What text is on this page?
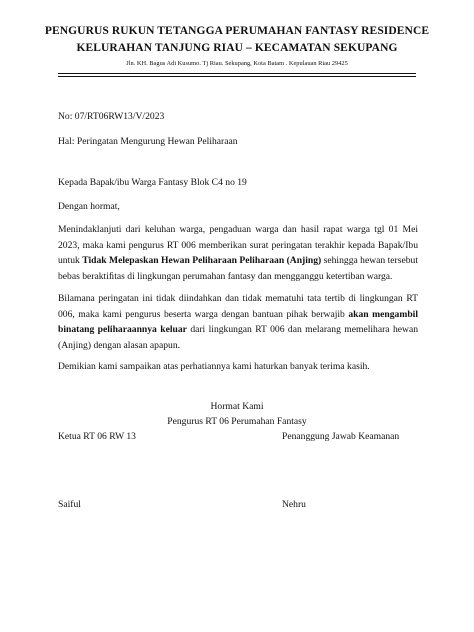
PENGURUS RUKUN TETANGGA PERUMAHAN FANTASY RESIDENCE
KELURAHAN TANJUNG RIAU – KECAMATAN SEKUPANG
Jln. KH. Bagus Adi Kusumo. Tj Riau. Sekupang, Kota Batam . Kepulauan Riau 29425
No: 07/RT06RW13/V/2023
Hal: Peringatan Mengurung Hewan Peliharaan
Kepada Bapak/ibu Warga Fantasy Blok C4 no 19
Dengan hormat,
Menindaklanjuti dari keluhan warga, pengaduan warga dan hasil rapat warga tgl 01 Mei 2023, maka kami pengurus RT 006 memberikan surat peringatan terakhir kepada Bapak/Ibu untuk Tidak Melepaskan Hewan Peliharaan Peliharaan (Anjing) sehingga hewan tersebut bebas beraktiﬁtas di lingkungan perumahan fantasy dan mengganggu ketertiban warga.
Bilamana peringatan ini tidak diindahkan dan tidak mematuhi tata tertib di lingkungan RT 006, maka kami pengurus beserta warga dengan bantuan pihak berwajib akan mengambil binatang peliharaannya keluar dari lingkungan RT 006 dan melarang memelihara hewan (Anjing) dengan alasan apapun.
Demikian kami sampaikan atas perhatiannya kami haturkan banyak terima kasih.
Hormat Kami
Pengurus RT 06 Perumahan Fantasy
Ketua RT 06 RW 13	Penanggung Jawab Keamanan
Saiful	Nehru
